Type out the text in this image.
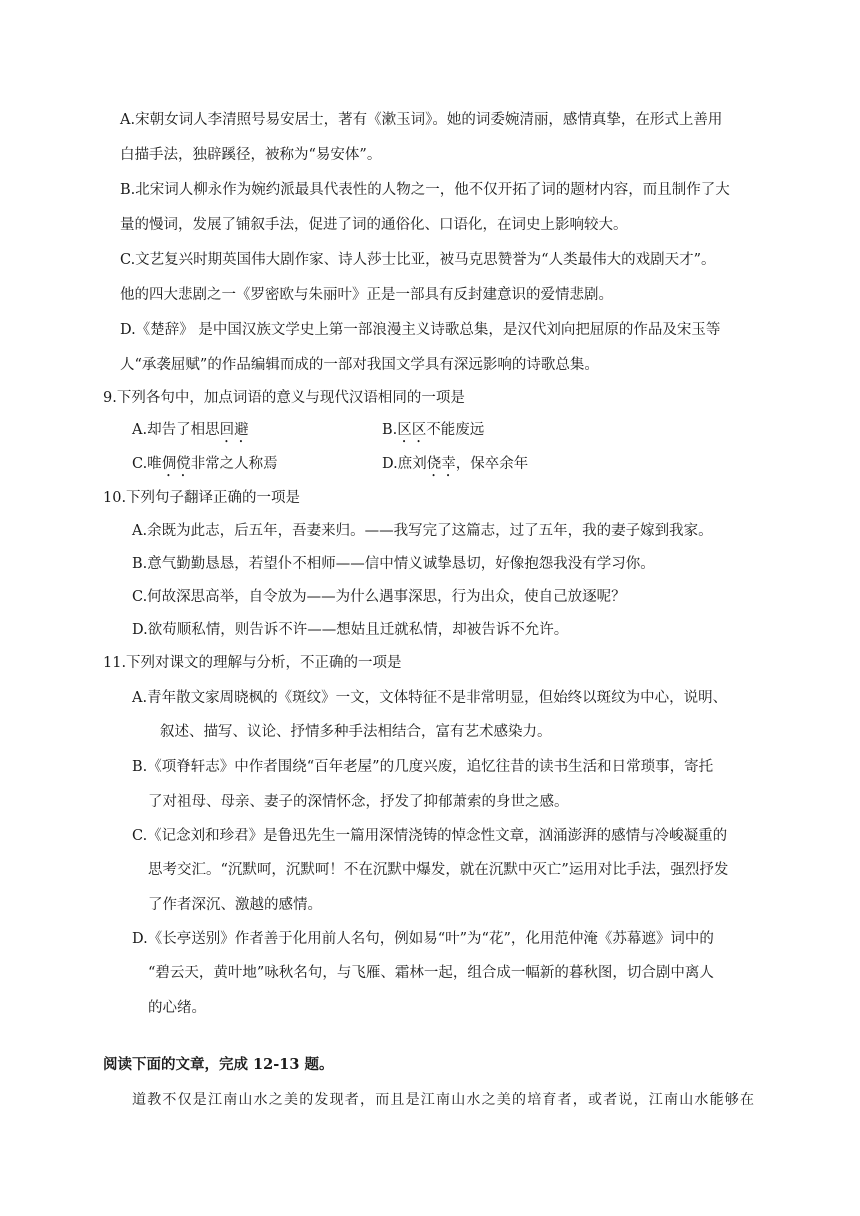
A.宋朝女词人李清照号易安居士，著有《漱玉词》。她的词委婉清丽，感情真挚，在形式上善用
白描手法，独辟蹊径，被称为“易安体”。
B.北宋词人柳永作为婉约派最具代表性的人物之一，他不仅开拓了词的题材内容，而且制作了大
量的慢词，发展了铺叙手法，促进了词的通俗化、口语化，在词史上影响较大。
C.文艺复兴时期英国伟大剧作家、诗人莎士比亚，被马克思赞誉为“人类最伟大的戏剧天才”。
他的四大悲剧之一《罗密欧与朱丽叶》正是一部具有反封建意识的爱情悲剧。
D.《楚辞》 是中国汉族文学史上第一部浪漫主义诗歌总集，是汉代刘向把屈原的作品及宋玉等
人“承袭屈赋”的作品编辑而成的一部对我国文学具有深远影响的诗歌总集。
9.下列各句中，加点词语的意义与现代汉语相同的一项是
A.却告了相思回避	B.区区不能废远
C.唯倜傥非常之人称焉	D.庶刘侥幸，保卒余年
10.下列句子翻译正确的一项是
A.余既为此志，后五年，吾妻来归。——我写完了这篇志，过了五年，我的妻子嫁到我家。
B.意气勤勤恳恳，若望仆不相师——信中情义诚挚恳切，好像抱怨我没有学习你。
C.何故深思高举，自令放为——为什么遇事深思，行为出众，使自己放逐呢？
D.欲苟顺私情，则告诉不许——想姑且迁就私情，却被告诉不允许。
11.下列对课文的理解与分析，不正确的一项是
A.青年散文家周晓枫的《斑纹》一文，文体特征不是非常明显，但始终以斑纹为中心，说明、
叙述、描写、议论、抒情多种手法相结合，富有艺术感染力。
B.《项脊轩志》中作者围绕“百年老屋”的几度兴废，追忆往昔的读书生活和日常琐事，寄托
了对祖母、母亲、妻子的深情怀念，抒发了抑郁萧索的身世之感。
C.《记念刘和珍君》是鲁迅先生一篇用深情浇铸的悼念性文章，汹涌澎湃的感情与冷峻凝重的
思考交汇。“沉默呵，沉默呵！不在沉默中爆发，就在沉默中灭亡”运用对比手法，强烈抒发
了作者深沉、激越的感情。
D.《长亭送别》作者善于化用前人名句，例如易“叶”为“花”，化用范仲淹《苏幕遮》词中的
“碧云天，黄叶地”咏秋名句，与飞雁、霜林一起，组合成一幅新的暮秋图，切合剧中离人
的心绪。
阅读下面的文章，完成 12-13 题。
道教不仅是江南山水之美的发现者，而且是江南山水之美的培育者，或者说，江南山水能够在
